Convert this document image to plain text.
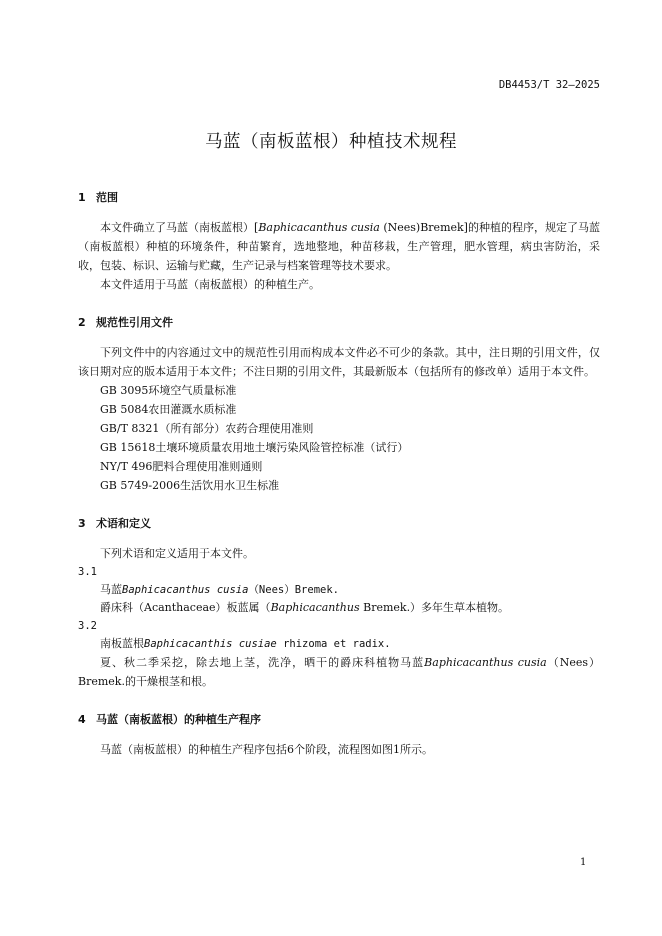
DB4453/T 32—2025
马蓝（南板蓝根）种植技术规程
1 范围

本文件确立了马蓝（南板蓝根）[Baphicacanthus cusia (Nees)Bremek]的种植的程序，规定了马蓝（南板蓝根）种植的环境条件，种苗繁育，选地整地，种苗移栽，生产管理，肥水管理，病虫害防治，采收，包装、标识、运输与贮藏，生产记录与档案管理等技术要求。

本文件适用于马蓝（南板蓝根）的种植生产。

2 规范性引用文件

下列文件中的内容通过文中的规范性引用而构成本文件必不可少的条款。其中，注日期的引用文件，仅该日期对应的版本适用于本文件；不注日期的引用文件，其最新版本（包括所有的修改单）适用于本文件。

GB 3095环境空气质量标准
GB 5084农田灌溉水质标准
GB/T 8321（所有部分）农药合理使用准则
GB 15618土壤环境质量农用地土壤污染风险管控标准（试行）
NY/T 496肥料合理使用准则通则
GB 5749-2006生活饮用水卫生标准
3 术语和定义

下列术语和定义适用于本文件。

3.1
马蓝Baphicacanthus cusia（Nees）Bremek.
爵床科（Acanthaceae）板蓝属（Baphicacanthus Bremek.）多年生草本植物。
3.2
南板蓝根Baphicacanthis cusiae rhizoma et radix.

夏、秋二季采挖，除去地上茎，洗净，晒干的爵床科植物马蓝Baphicacanthus cusia（Nees）Bremek.的干燥根茎和根。

4 马蓝（南板蓝根）的种植生产程序

马蓝（南板蓝根）的种植生产程序包括6个阶段，流程图如图1所示。

1
